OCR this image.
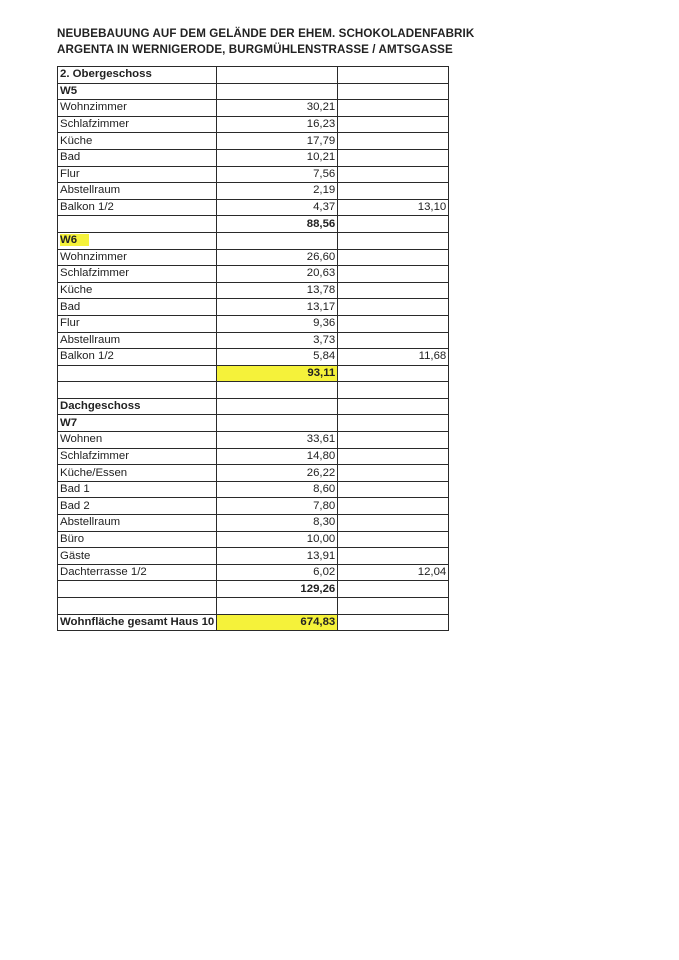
NEUBEBAUUNG AUF DEM GELÄNDE DER EHEM. SCHOKOLADENFABRIK
ARGENTA IN WERNIGERODE, BURGMÜHLENSTRASSE / AMTSGASSE
2. Obergeschoss		
W5		
Wohnzimmer	30,21	
Schlafzimmer	16,23	
Küche	17,79	
Bad	10,21	
Flur	7,56	
Abstellraum	2,19	
Balkon 1/2	4,37	13,10
	88,56	
W6		
Wohnzimmer	26,60	
Schlafzimmer	20,63	
Küche	13,78	
Bad	13,17	
Flur	9,36	
Abstellraum	3,73	
Balkon 1/2	5,84	11,68
	93,11	

Dachgeschoss		
W7		
Wohnen	33,61	
Schlafzimmer	14,80	
Küche/Essen	26,22	
Bad 1	8,60	
Bad 2	7,80	
Abstellraum	8,30	
Büro	10,00	
Gäste	13,91	
Dachterrasse 1/2	6,02	12,04
	129,26	

Wohnfläche gesamt Haus 10	674,83	
